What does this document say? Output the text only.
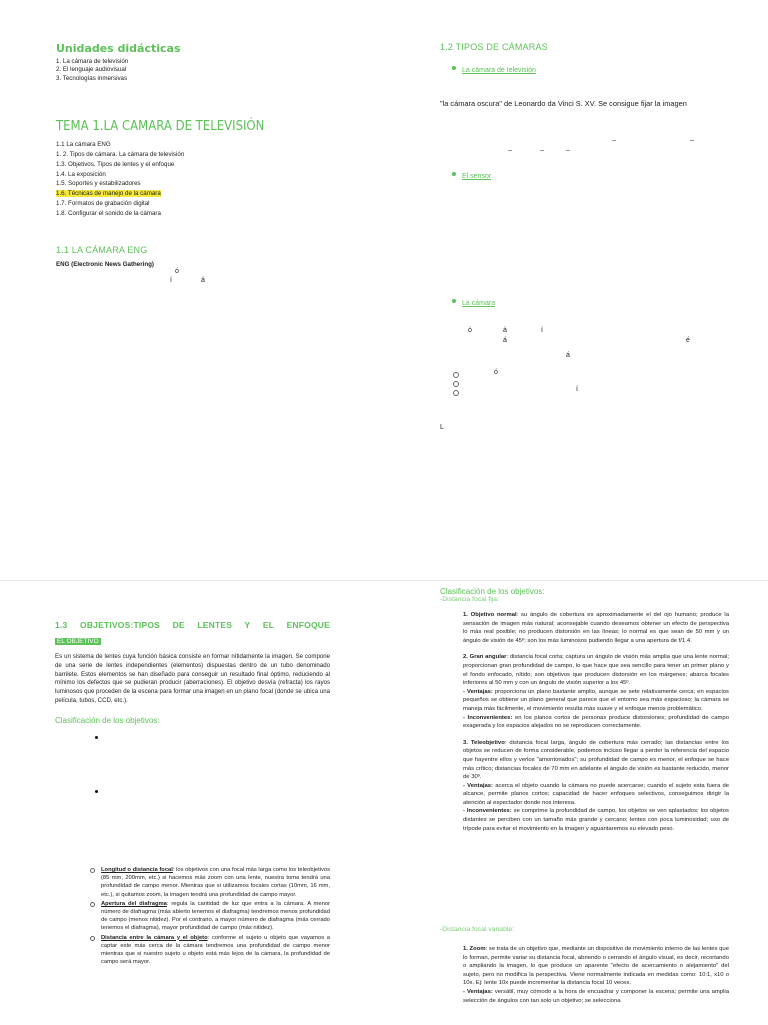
Unidades didácticas
1. La cámara de televisión
2. El lenguaje audiovisual
3. Tecnologías inmersivas
TEMA 1.LA CAMARA DE TELEVISIÓN
1.1 La cámara ENG
1. 2. Tipos de cámara. La cámara de televisión
1.3. Objetivos. Tipos de lentes y el enfoque
1.4. La exposición
1.5. Soportes y estabilizadores
1.6. Técnicas de manejo de la cámara
1.7. Formatos de grabación digital
1.8. Configurar el sonido de la cámara
1.1 LA CÁMARA ENG
ENG (Electronic News Gathering)
ó
í	á
1.2 TIPOS DE CÁMARAS
La cámara de televisión
"la cámara oscura" de Leonardo da Vinci S. XV. Se consigue fijar la imagen
_	_
_	_	_
El sensor
La cámara
ó	á	í
á	é
á
ó
í
L
1.3 OBJETIVOS:TIPOS DE LENTES Y EL ENFOQUE
EL OBJETIVO
Es un sistema de lentes cuya función básica consiste en formar nítidamente la imagen. Se compone de una serie de lentes independientes (elementos) dispuestas dentro de un tubo denominado barrilete. Estos elementos se han diseñado para conseguir un resultado final óptimo, reduciendo al mínimo los defectos que se pudieran producir (aberraciones). El objetivo desvía (refracta) los rayos luminosos que proceden de la escena para formar una imagen en un plano focal (donde se ubica una película, tubos, CCD, etc.).
Clasificación de los objetivos:
Longitud o distancia focal: los objetivos con una focal más larga como los teleobjetivos (85 mm, 200mm, etc.) si hacemos más zoom con una lente, nuestra toma tendrá una profundidad de campo menor. Mientras que si utilizamos focales cortas (10mm, 16 mm, etc.), si quitamos zoom, la imagen tendrá una profundidad de campo mayor.
Apertura del diafragma: regula la cantidad de luz que entra a la cámara. A menor número de diafragma (más abierto tenemos el diafragma) tendremos menos profundidad de campo (menos nitidez). Por el contrario, a mayor número de diafragma (más cerrado tenemos el diafragma), mayor profundidad de campo (más nitidez).
Distancia entre la cámara y el objeto: conforme el sujeto u objeto que vayamos a captar este más cerca de la cámara tendremos una profundidad de campo menor mientras que si nuestro sujeto u objeto está más lejos de la cámara, la profundidad de campo será mayor.
Clasificación de los objetivos:
-Distancia focal fija:
1. Objetivo normal: su ángulo de cobertura es aproximadamente el del ojo humano; produce la sensación de imagen más natural; aconsejable cuando deseamos obtener un efecto de perspectiva lo más real posible; no producen distorsión en las líneas; lo normal es que sean de 50 mm y un ángulo de visión de 45º; son los más luminosos pudiendo llegar a una apertura de f/1.4.
2. Gran angular: distancia focal corta; captura un ángulo de visión más amplia que una lente normal; proporcionan gran profundidad de campo, lo que hace que sea sencillo para tener un primer plano y el fondo enfocado, nítido; son objetivos que producen distorsión en los márgenes; abarca focales inferiores al 50 mm y con un ángulo de visión superior a los 45º.
- Ventajas: proporciona un plano bastante amplio, aunque se sete relativamente cerca; en espacios pequeños se obtiene un plano general que parece que el entorno sea más espacioso; la cámara se maneja más fácilmente, el movimiento resulta más suave y el enfoque menos problemático.
- Inconvenientes: en los planos cortos de personas produce distorsiones; profundidad de campo exagerada y los espacios alejados no se reproducen correctamente.
3. Teleobjetivo: distancia focal larga, ángulo de cobertura más cerrado; las distancias entre los objetos se reducen de forma considerable, podemos incluso llegar a perder la referencia del espacio que hayentre ellos y verlos "amontonados"; su profundidad de campo es menor, el enfoque se hace más crítico; distancias focales de 70 mm en adelante el ángulo de visión es bastante reducido, menor de 30º.
- Ventajas: acerca el objeto cuando la cámara no puede acercarse; cuando el sujeto esta fuera de alcance, permite planos cortos; capacidad de hacer enfoques selectivos, conseguimos dirigir la atención al espectador donde nos interesa.
- Inconvenientes: se comprime la profundidad de campo, los objetos se ven aplastados; los objetos distantes se perciben con un tamaño más grande y cercano; lentes con poca luminosidad; uso de trípode para evitar el movimiento en la imagen y aguantaremos su elevado peso.
-Distancia focal variable:
1. Zoom: se trata de un objetivo que, mediante un dispositivo de movimiento interno de las lentes que lo forman, permite variar su distancia focal, abriendo o cerrando el ángulo visual, es decir, recortando o ampliando la imagen, lo que produce un aparente "efecto de acercamiento o alejamiento" del sujeto, pero no modifica la perspectiva. Viene normalmente indicada en medidas como: 10:1, x10 o 10x. Ej: lente 10x puede incrementar la distancia focal 10 veces.
- Ventajas: versátil, muy cómodo a la hora de encuadrar y componer la escena; permite una amplia selección de ángulos con tan solo un objetivo; se selecciona
